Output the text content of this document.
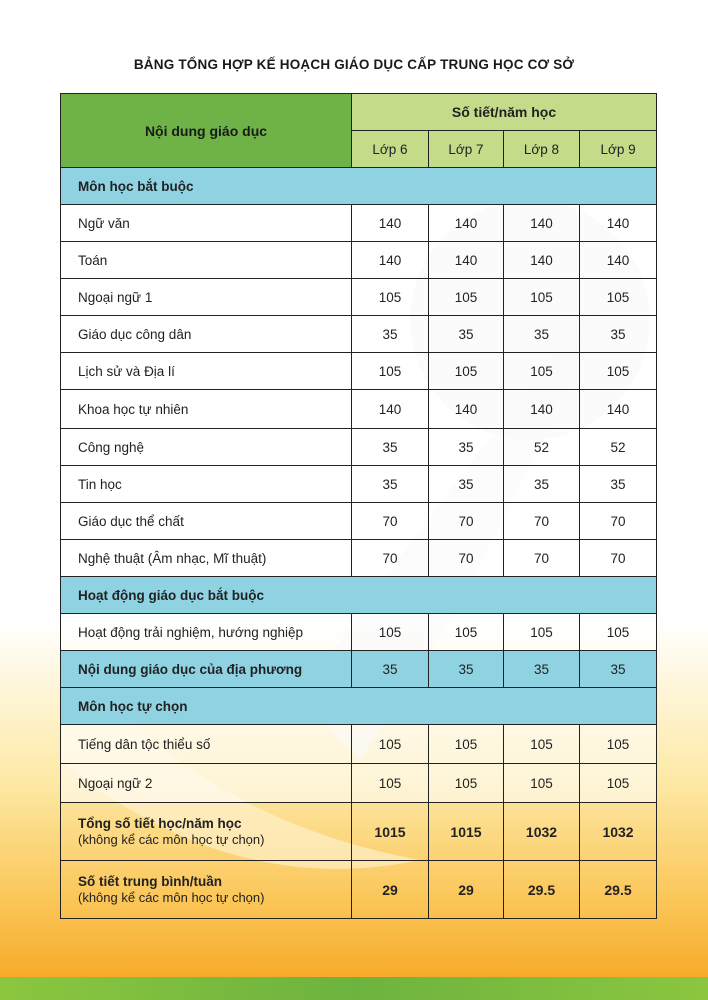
BẢNG TỔNG HỢP KẾ HOẠCH GIÁO DỤC CẤP TRUNG HỌC CƠ SỞ
Nội dung giáo dục	Số tiết/năm học			
	Lớp 6	Lớp 7	Lớp 8	Lớp 9
Môn học bắt buộc				
Ngữ văn	140	140	140	140
Toán	140	140	140	140
Ngoại ngữ 1	105	105	105	105
Giáo dục công dân	35	35	35	35
Lịch sử và Địa lí	105	105	105	105
Khoa học tự nhiên	140	140	140	140
Công nghệ	35	35	52	52
Tin học	35	35	35	35
Giáo dục thể chất	70	70	70	70
Nghệ thuật (Âm nhạc, Mĩ thuật)	70	70	70	70
Hoạt động giáo dục bắt buộc				
Hoạt động trải nghiệm, hướng nghiệp	105	105	105	105
Nội dung giáo dục của địa phương	35	35	35	35
Môn học tự chọn				
Tiếng dân tộc thiểu số	105	105	105	105
Ngoại ngữ 2	105	105	105	105
Tổng số tiết học/năm học
(không kể các môn học tự chọn)	1015	1015	1032	1032
Số tiết trung bình/tuần
(không kể các môn học tự chọn)	29	29	29.5	29.5
